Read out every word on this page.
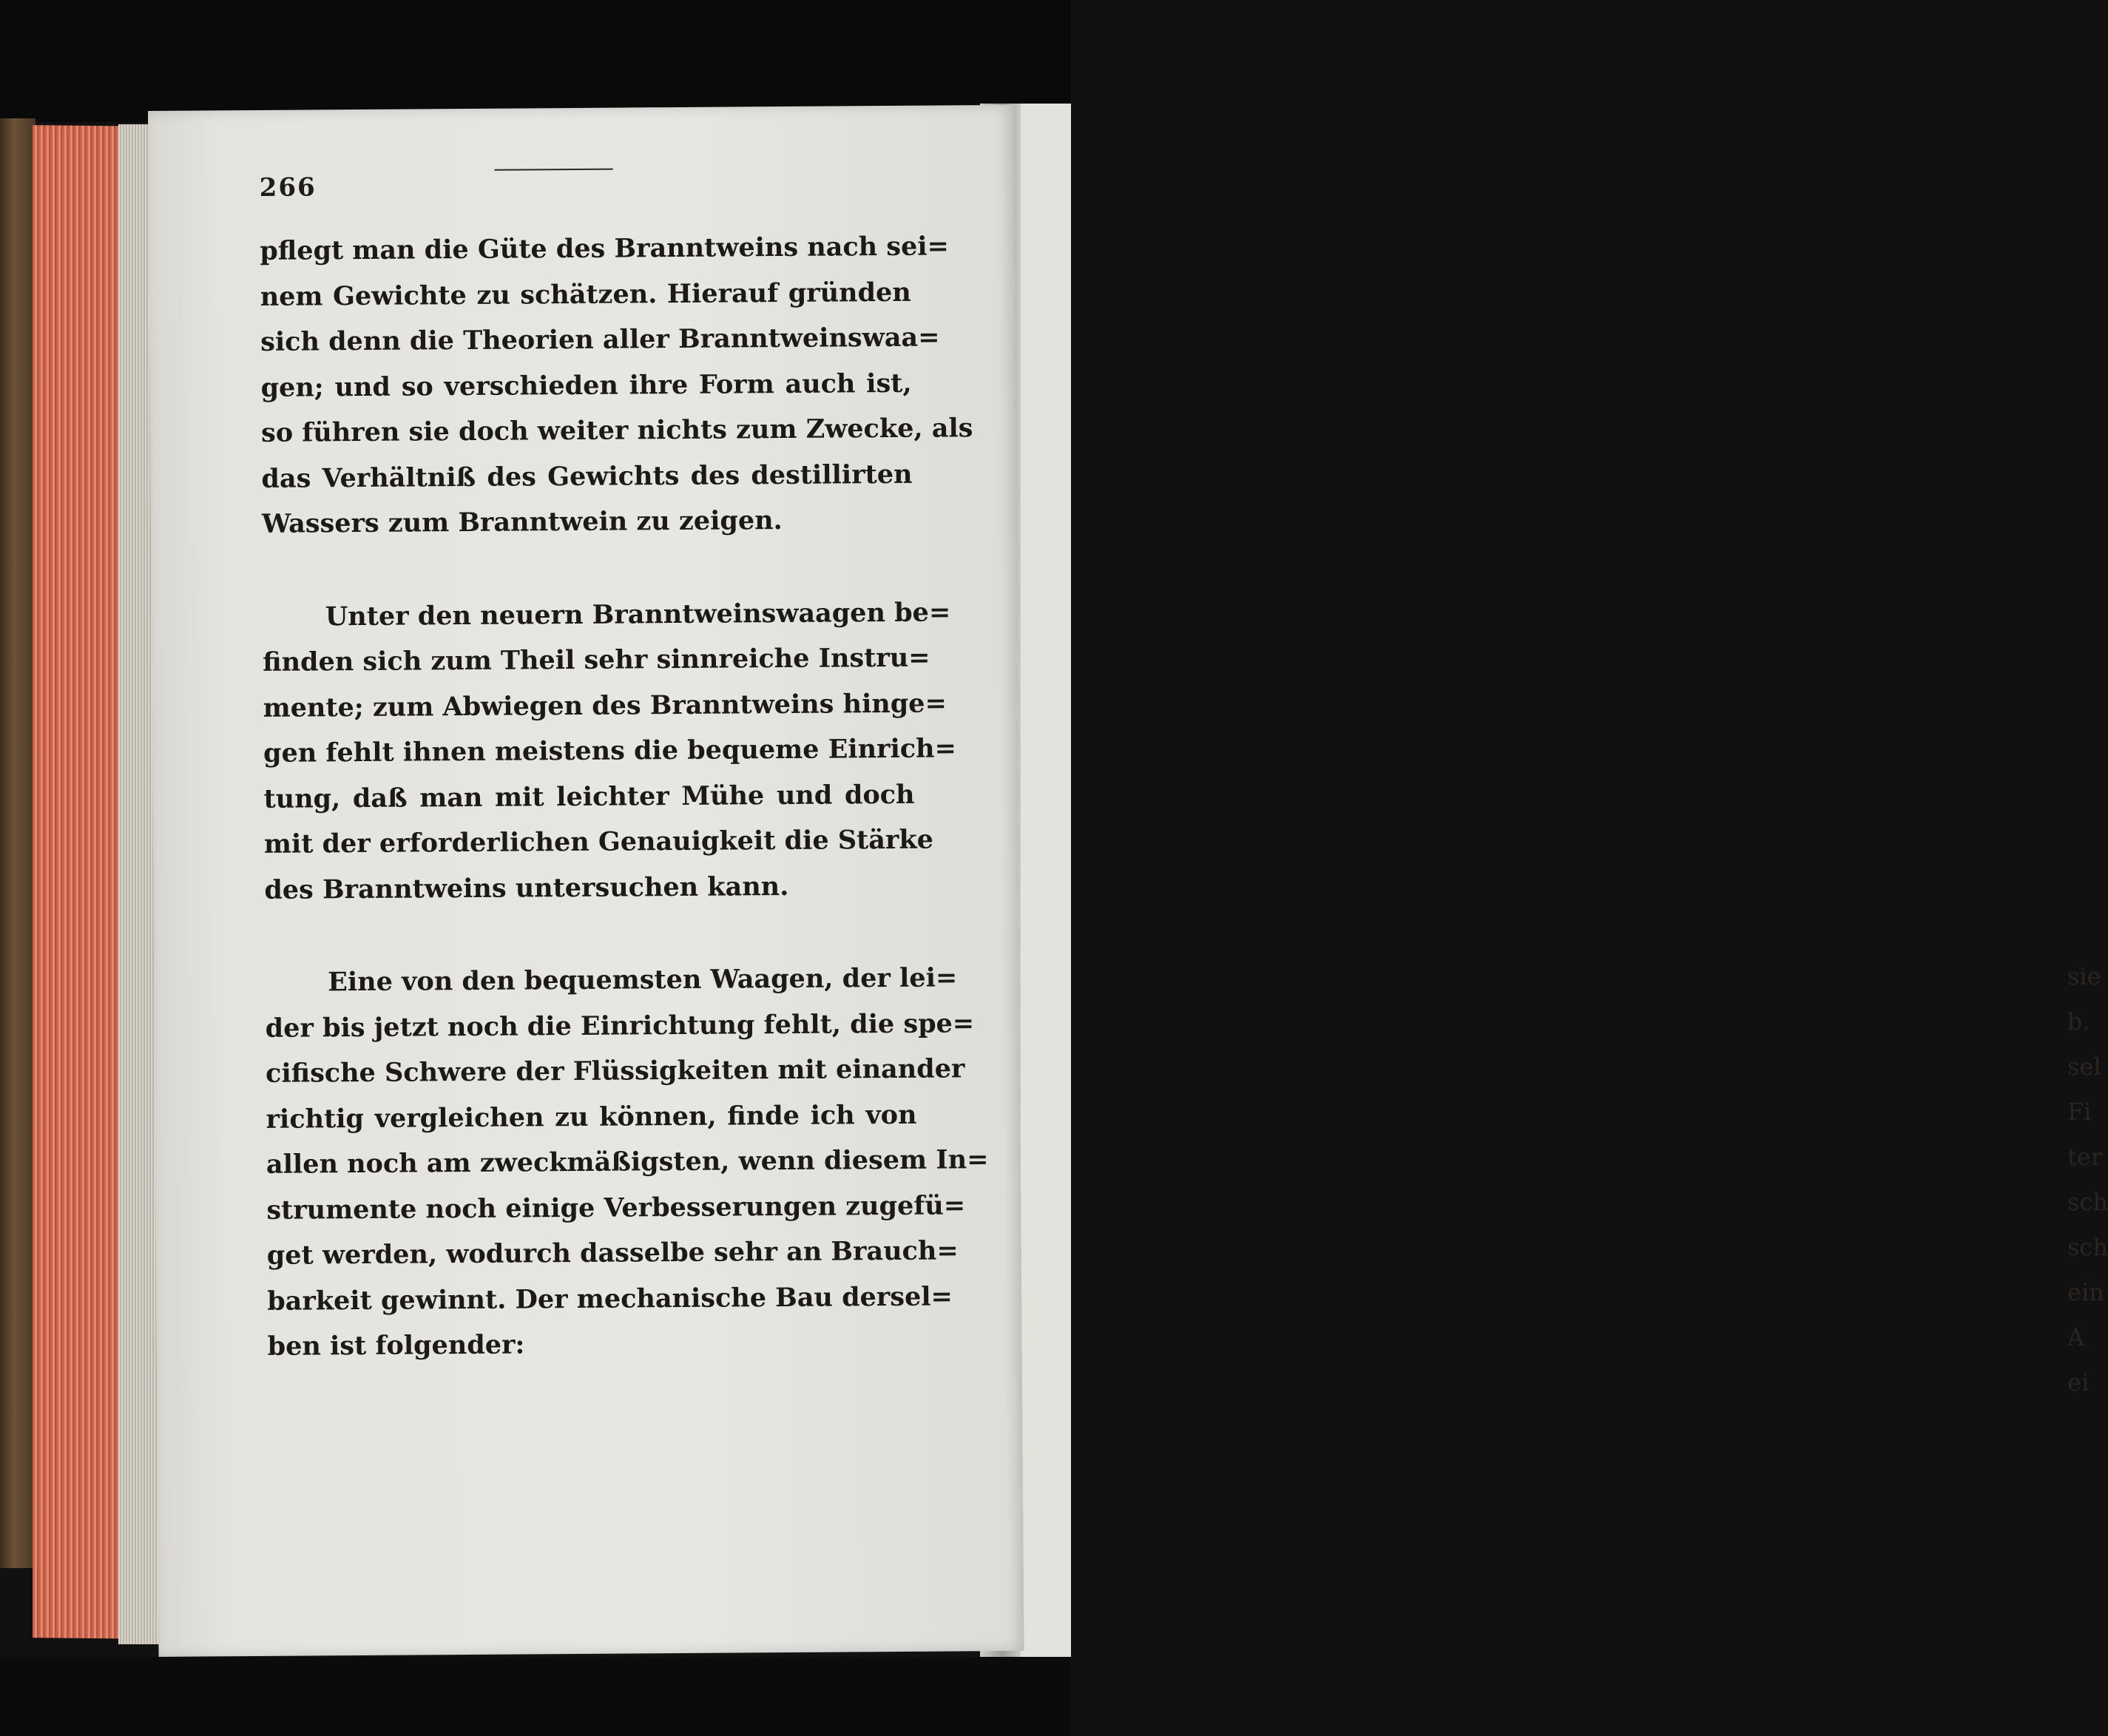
sie
b.
sel
Fi
ter
sch
sch
ein
A
ei
266
pflegt man die Güte des Branntweins nach sei=
nem Gewichte zu schätzen. Hierauf gründen
sich denn die Theorien aller Branntweinswaa=
gen; und so verschieden ihre Form auch ist,
so führen sie doch weiter nichts zum Zwecke, als
das Verhältniß des Gewichts des destillirten
Wassers zum Branntwein zu zeigen.
Unter den neuern Branntweinswaagen be=
finden sich zum Theil sehr sinnreiche Instru=
mente; zum Abwiegen des Branntweins hinge=
gen fehlt ihnen meistens die bequeme Einrich=
tung, daß man mit leichter Mühe und doch
mit der erforderlichen Genauigkeit die Stärke
des Branntweins untersuchen kann.
Eine von den bequemsten Waagen, der lei=
der bis jetzt noch die Einrichtung fehlt, die spe=
cifische Schwere der Flüssigkeiten mit einander
richtig vergleichen zu können, finde ich von
allen noch am zweckmäßigsten, wenn diesem In=
strumente noch einige Verbesserungen zugefü=
get werden, wodurch dasselbe sehr an Brauch=
barkeit gewinnt. Der mechanische Bau dersel=
ben ist folgender:
